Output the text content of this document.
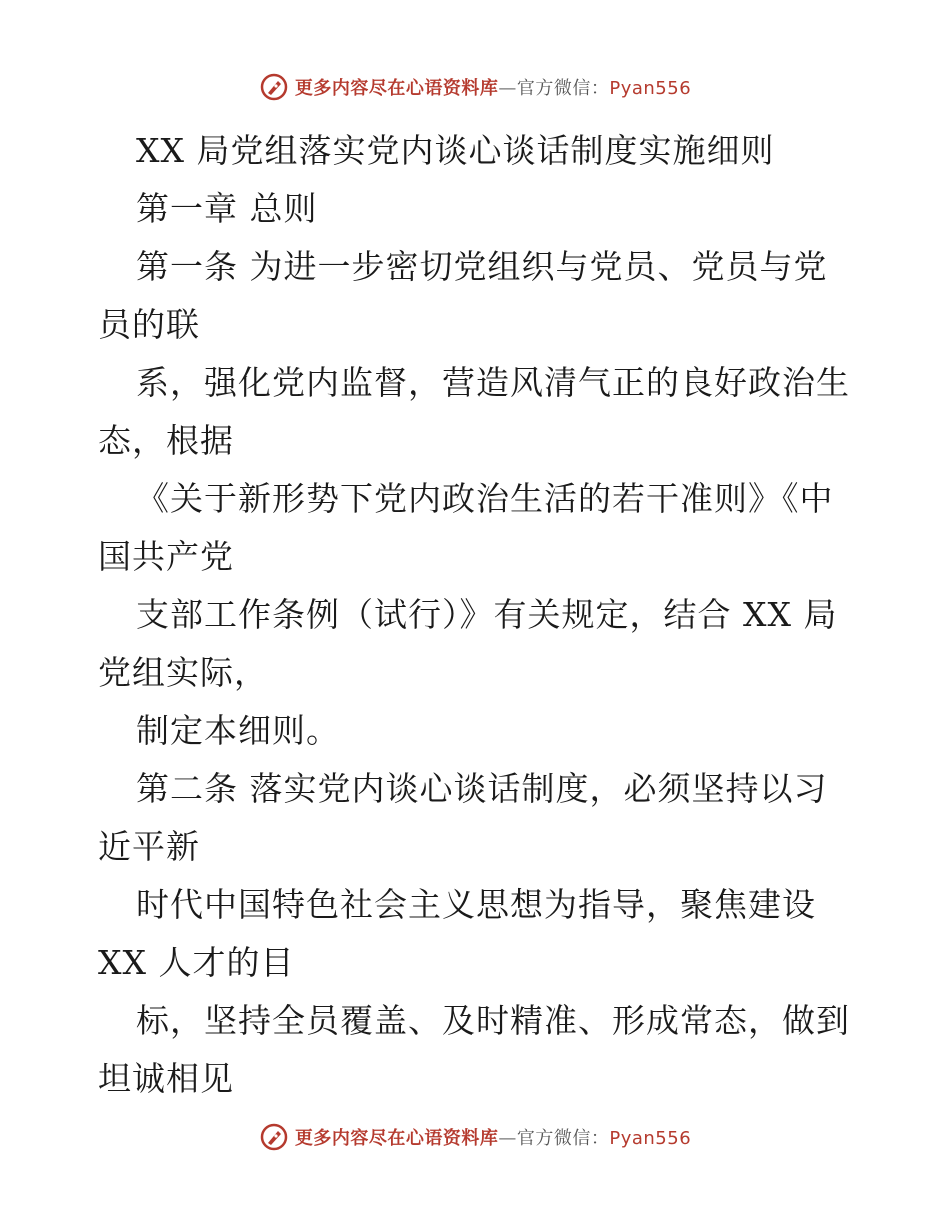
更多内容尽在心语资料库—官方微信：Pyan556
XX 局党组落实党内谈心谈话制度实施细则
第一章 总则
第一条 为进一步密切党组织与党员、党员与党
员的联
系，强化党内监督，营造风清气正的良好政治生
态，根据
《关于新形势下党内政治生活的若干准则》《中
国共产党
支部工作条例（试行）》有关规定，结合 XX 局
党组实际，
制定本细则。
第二条 落实党内谈心谈话制度，必须坚持以习
近平新
时代中国特色社会主义思想为指导，聚焦建设
XX 人才的目
标，坚持全员覆盖、及时精准、形成常态，做到
坦诚相见
更多内容尽在心语资料库—官方微信：Pyan556
